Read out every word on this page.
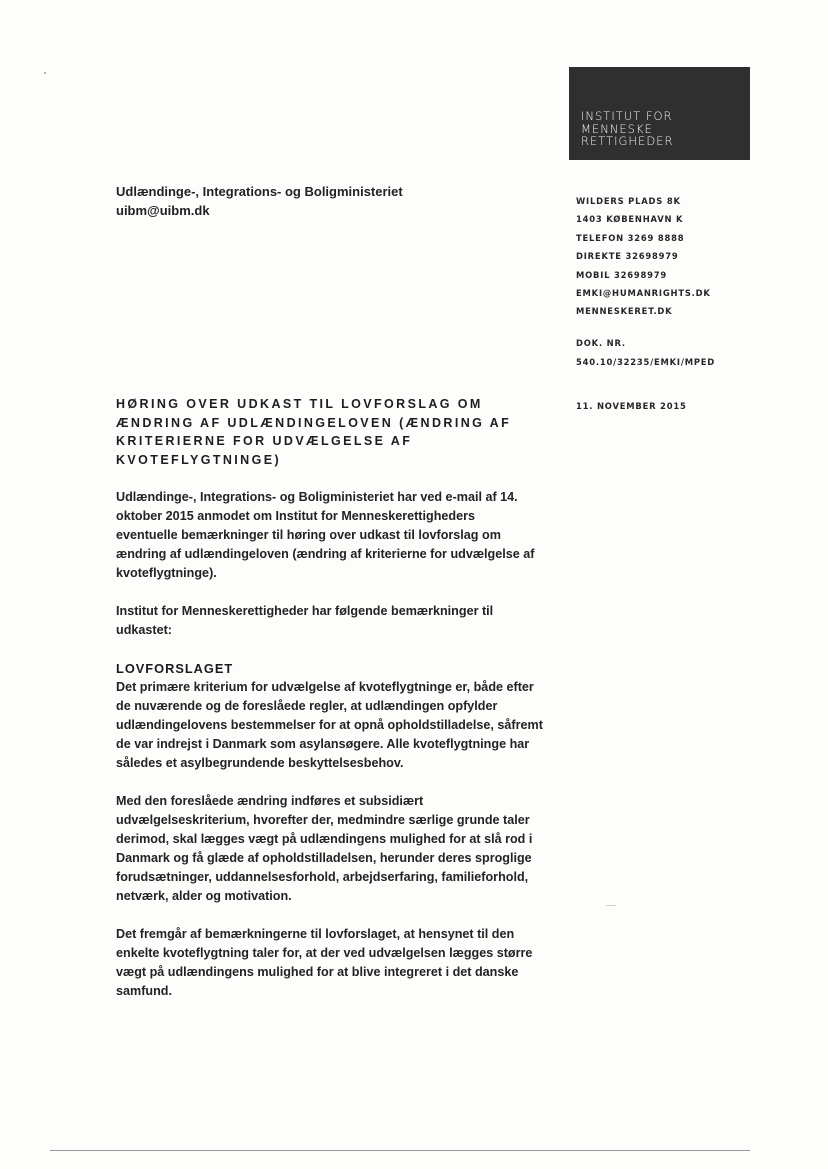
INSTITUT FOR
MENNESKE
RETTIGHEDER
Udlændinge-, Integrations- og Boligministeriet
uibm@uibm.dk
WILDERS PLADS 8K
1403 KØBENHAVN K
TELEFON 3269 8888
DIREKTE 32698979
MOBIL 32698979
EMKI@HUMANRIGHTS.DK
MENNESKERET.DK
DOK. NR.
540.10/32235/EMKI/MPED
11. NOVEMBER 2015
HØRING OVER UDKAST TIL LOVFORSLAG OM
ÆNDRING AF UDLÆNDINGELOVEN (ÆNDRING AF
KRITERIERNE FOR UDVÆLGELSE AF
KVOTEFLYGTNINGE)

Udlændinge-, Integrations- og Boligministeriet har ved e-mail af 14.
oktober 2015 anmodet om Institut for Menneskerettigheders
eventuelle bemærkninger til høring over udkast til lovforslag om
ændring af udlændingeloven (ændring af kriterierne for udvælgelse af
kvoteflygtninge).

Institut for Menneskerettigheder har følgende bemærkninger til
udkastet:

LOVFORSLAGET

Det primære kriterium for udvælgelse af kvoteflygtninge er, både efter
de nuværende og de foreslåede regler, at udlændingen opfylder
udlændingelovens bestemmelser for at opnå opholdstilladelse, såfremt
de var indrejst i Danmark som asylansøgere. Alle kvoteflygtninge har
således et asylbegrundende beskyttelsesbehov.

Med den foreslåede ændring indføres et subsidiært
udvælgelseskriterium, hvorefter der, medmindre særlige grunde taler
derimod, skal lægges vægt på udlændingens mulighed for at slå rod i
Danmark og få glæde af opholdstilladelsen, herunder deres sproglige
forudsætninger, uddannelsesforhold, arbejdserfaring, familieforhold,
netværk, alder og motivation.

Det fremgår af bemærkningerne til lovforslaget, at hensynet til den
enkelte kvoteflygtning taler for, at der ved udvælgelsen lægges større
vægt på udlændingens mulighed for at blive integreret i det danske
samfund.
